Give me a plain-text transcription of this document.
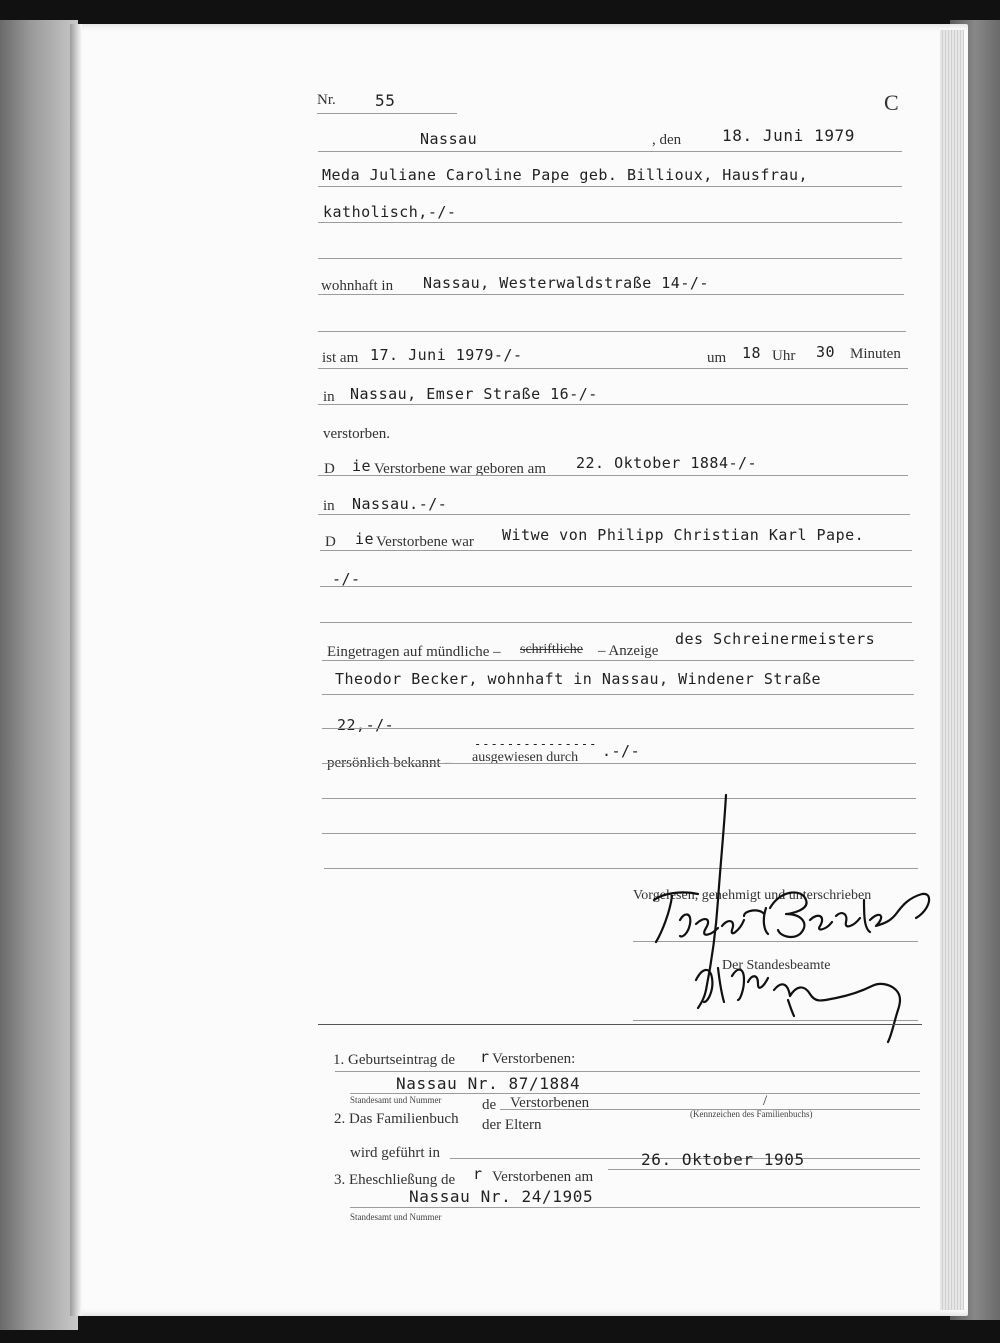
Nr. 55	C
Nassau	, den	18. Juni 1979
Meda Juliane Caroline Pape geb. Billioux, Hausfrau,
katholisch,-/-
wohnhaft in Nassau, Westerwaldstraße 14-/-
ist am 17. Juni 1979-/-	um 18 Uhr 30 Minuten
in Nassau, Emser Straße 16-/-
verstorben.
D ie Verstorbene war geboren am 22. Oktober 1884-/-
in Nassau.-/-
D ie Verstorbene war Witwe von Philipp Christian Karl Pape.
-/-
Eingetragen auf mündliche – schriftliche – Anzeige
des Schreinermeisters
Theodor Becker, wohnhaft in Nassau, Windener Straße
22,-/-
persönlich bekannt – ausgewiesen durch
--------------- .-/-
Vorgelesen, genehmigt und unterschrieben
Der Standesbeamte
1. Geburtseintrag de r Verstorbenen:
Nassau Nr. 87/1884
Standesamt und Nummer
2. Das Familienbuch
de Verstorbenen	/
der Eltern
(Kennzeichen des Familienbuchs)
wird geführt in
3. Eheschließung de r Verstorbenen am
26. Oktober 1905
Nassau Nr. 24/1905
Standesamt und Nummer
